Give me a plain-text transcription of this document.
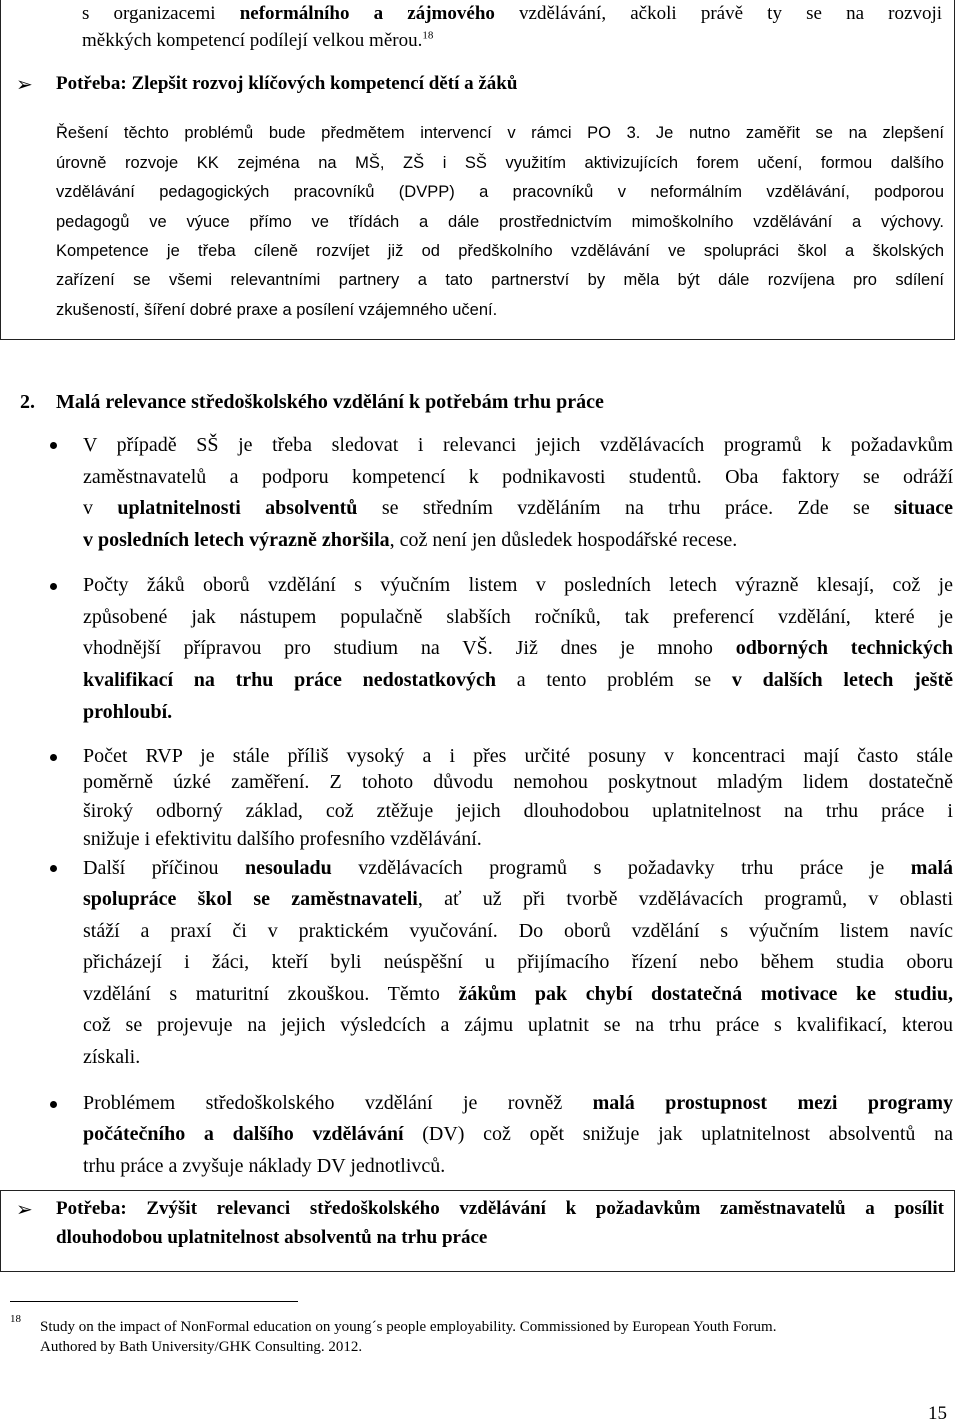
s organizacemi neformálního a zájmového vzdělávání, ačkoli právě ty se na rozvoji
měkkých kompetencí podílejí velkou měrou.$^{18}$
➢ Potřeba: Zlepšit rozvoj klíčových kompetencí dětí a žáků
Řešení těchto problémů bude předmětem intervencí v rámci PO 3. Je nutno zaměřit se na zlepšení
úrovně rozvoje KK zejména na MŠ, ZŠ i SŠ využitím aktivizujících forem učení, formou dalšího
vzdělávání pedagogických pracovníků (DVPP) a pracovníků v neformálním vzdělávání, podporou
pedagogů ve výuce přímo ve třídách a dále prostřednictvím mimoškolního vzdělávání a výchovy.
Kompetence je třeba cíleně rozvíjet již od předškolního vzdělávání ve spolupráci škol a školských
zařízení se všemi relevantními partnery a tato partnerství by měla být dále rozvíjena pro sdílení
zkušeností, šíření dobré praxe a posílení vzájemného učení.
2. Malá relevance středoškolského vzdělání k potřebám trhu práce
V případě SŠ je třeba sledovat i relevanci jejich vzdělávacích programů k požadavkům
zaměstnavatelů a podporu kompetencí k podnikavosti studentů. Oba faktory se odráží
v uplatnitelnosti absolventů se středním vzděláním na trhu práce. Zde se situace
v posledních letech výrazně zhoršila, což není jen důsledek hospodářské recese.
Počty žáků oborů vzdělání s výučním listem v posledních letech výrazně klesají, což je
způsobené jak nástupem populačně slabších ročníků, tak preferencí vzdělání, které je
vhodnější přípravou pro studium na VŠ. Již dnes je mnoho odborných technických
kvalifikací na trhu práce nedostatkových a tento problém se v dalších letech ještě
prohloubí.
Počet RVP je stále příliš vysoký a i přes určité posuny v koncentraci mají často stále
poměrně úzké zaměření. Z tohoto důvodu nemohou poskytnout mladým lidem dostatečně
široký odborný základ, což ztěžuje jejich dlouhodobou uplatnitelnost na trhu práce i
snižuje i efektivitu dalšího profesního vzdělávání.
Další příčinou nesouladu vzdělávacích programů s požadavky trhu práce je malá
spolupráce škol se zaměstnavateli, ať už při tvorbě vzdělávacích programů, v oblasti
stáží a praxí či v praktickém vyučování. Do oborů vzdělání s výučním listem navíc
přicházejí i žáci, kteří byli neúspěšní u přijímacího řízení nebo během studia oboru
vzdělání s maturitní zkouškou. Těmto žákům pak chybí dostatečná motivace ke studiu,
což se projevuje na jejich výsledcích a zájmu uplatnit se na trhu práce s kvalifikací, kterou
získali.
Problémem středoškolského vzdělání je rovněž malá prostupnost mezi programy
počátečního a dalšího vzdělávání (DV) což opět snižuje jak uplatnitelnost absolventů na
trhu práce a zvyšuje náklady DV jednotlivců.
➢ Potřeba: Zvýšit relevanci středoškolského vzdělávání k požadavkům zaměstnavatelů a posílit
dlouhodobou uplatnitelnost absolventů na trhu práce
18 Study on the impact of NonFormal education on young´s people employability. Commissioned by European Youth Forum.
Authored by Bath University/GHK Consulting. 2012.
15
